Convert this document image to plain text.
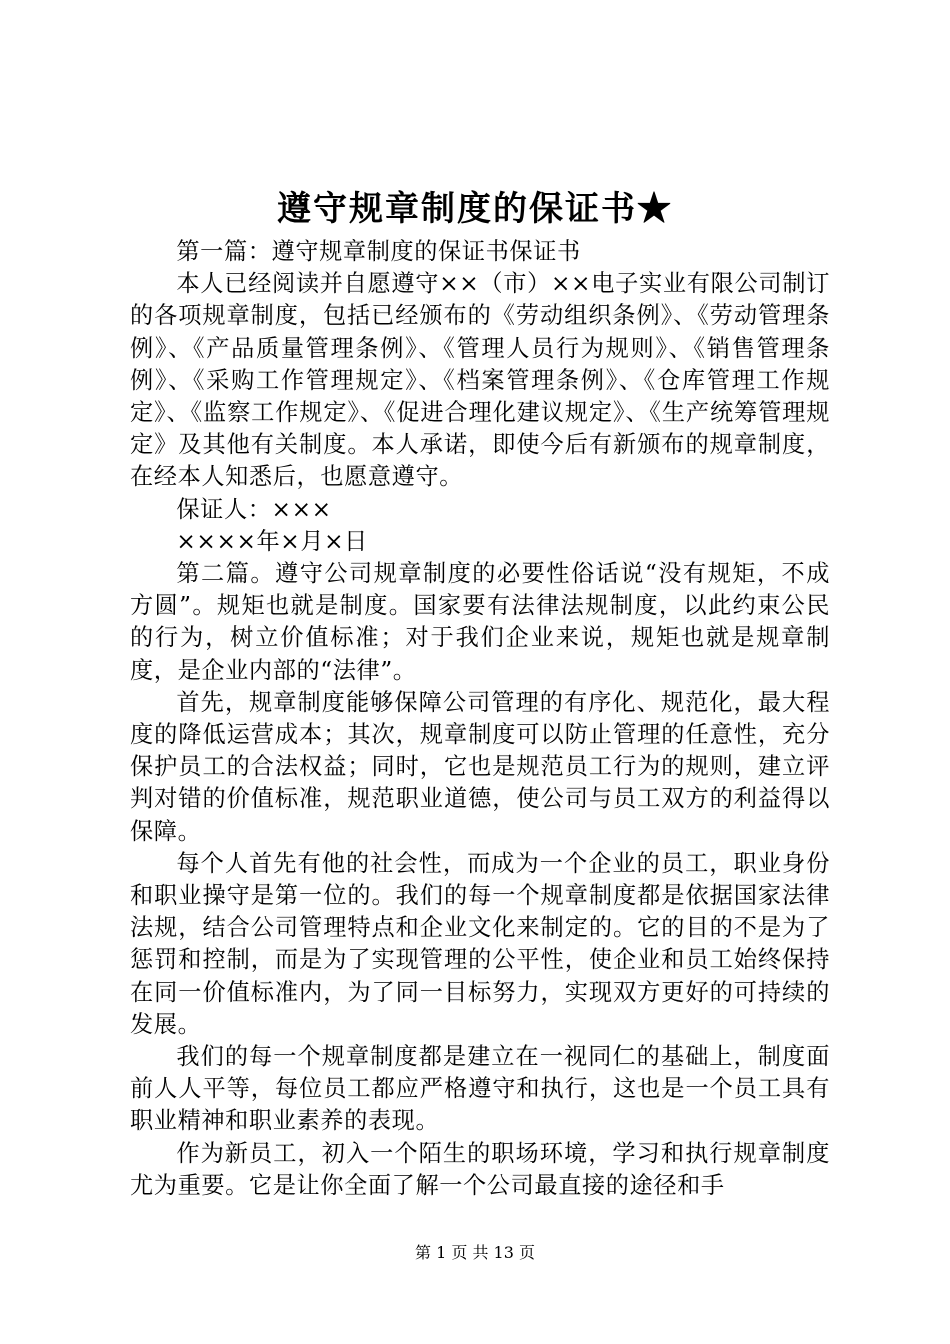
遵守规章制度的保证书★

第一篇：遵守规章制度的保证书保证书

本人已经阅读并自愿遵守××（市）××电子实业有限公司制订的各项规章制度，包括已经颁布的《劳动组织条例》、《劳动管理条例》、《产品质量管理条例》、《管理人员行为规则》、《销售管理条例》、《采购工作管理规定》、《档案管理条例》、《仓库管理工作规定》、《监察工作规定》、《促进合理化建议规定》、《生产统筹管理规定》及其他有关制度。本人承诺，即使今后有新颁布的规章制度，在经本人知悉后，也愿意遵守。

保证人：×××

××××年×月×日

第二篇。遵守公司规章制度的必要性俗话说“没有规矩，不成方圆”。规矩也就是制度。国家要有法律法规制度，以此约束公民的行为，树立价值标准；对于我们企业来说，规矩也就是规章制度，是企业内部的“法律”。

首先，规章制度能够保障公司管理的有序化、规范化，最大程度的降低运营成本；其次，规章制度可以防止管理的任意性，充分保护员工的合法权益；同时，它也是规范员工行为的规则，建立评判对错的价值标准，规范职业道德，使公司与员工双方的利益得以保障。

每个人首先有他的社会性，而成为一个企业的员工，职业身份和职业操守是第一位的。我们的每一个规章制度都是依据国家法律法规，结合公司管理特点和企业文化来制定的。它的目的不是为了惩罚和控制，而是为了实现管理的公平性，使企业和员工始终保持在同一价值标准内，为了同一目标努力，实现双方更好的可持续的发展。

我们的每一个规章制度都是建立在一视同仁的基础上，制度面前人人平等，每位员工都应严格遵守和执行，这也是一个员工具有职业精神和职业素养的表现。

作为新员工，初入一个陌生的职场环境，学习和执行规章制度尤为重要。它是让你全面了解一个公司最直接的途径和手

第 1 页 共 13 页
